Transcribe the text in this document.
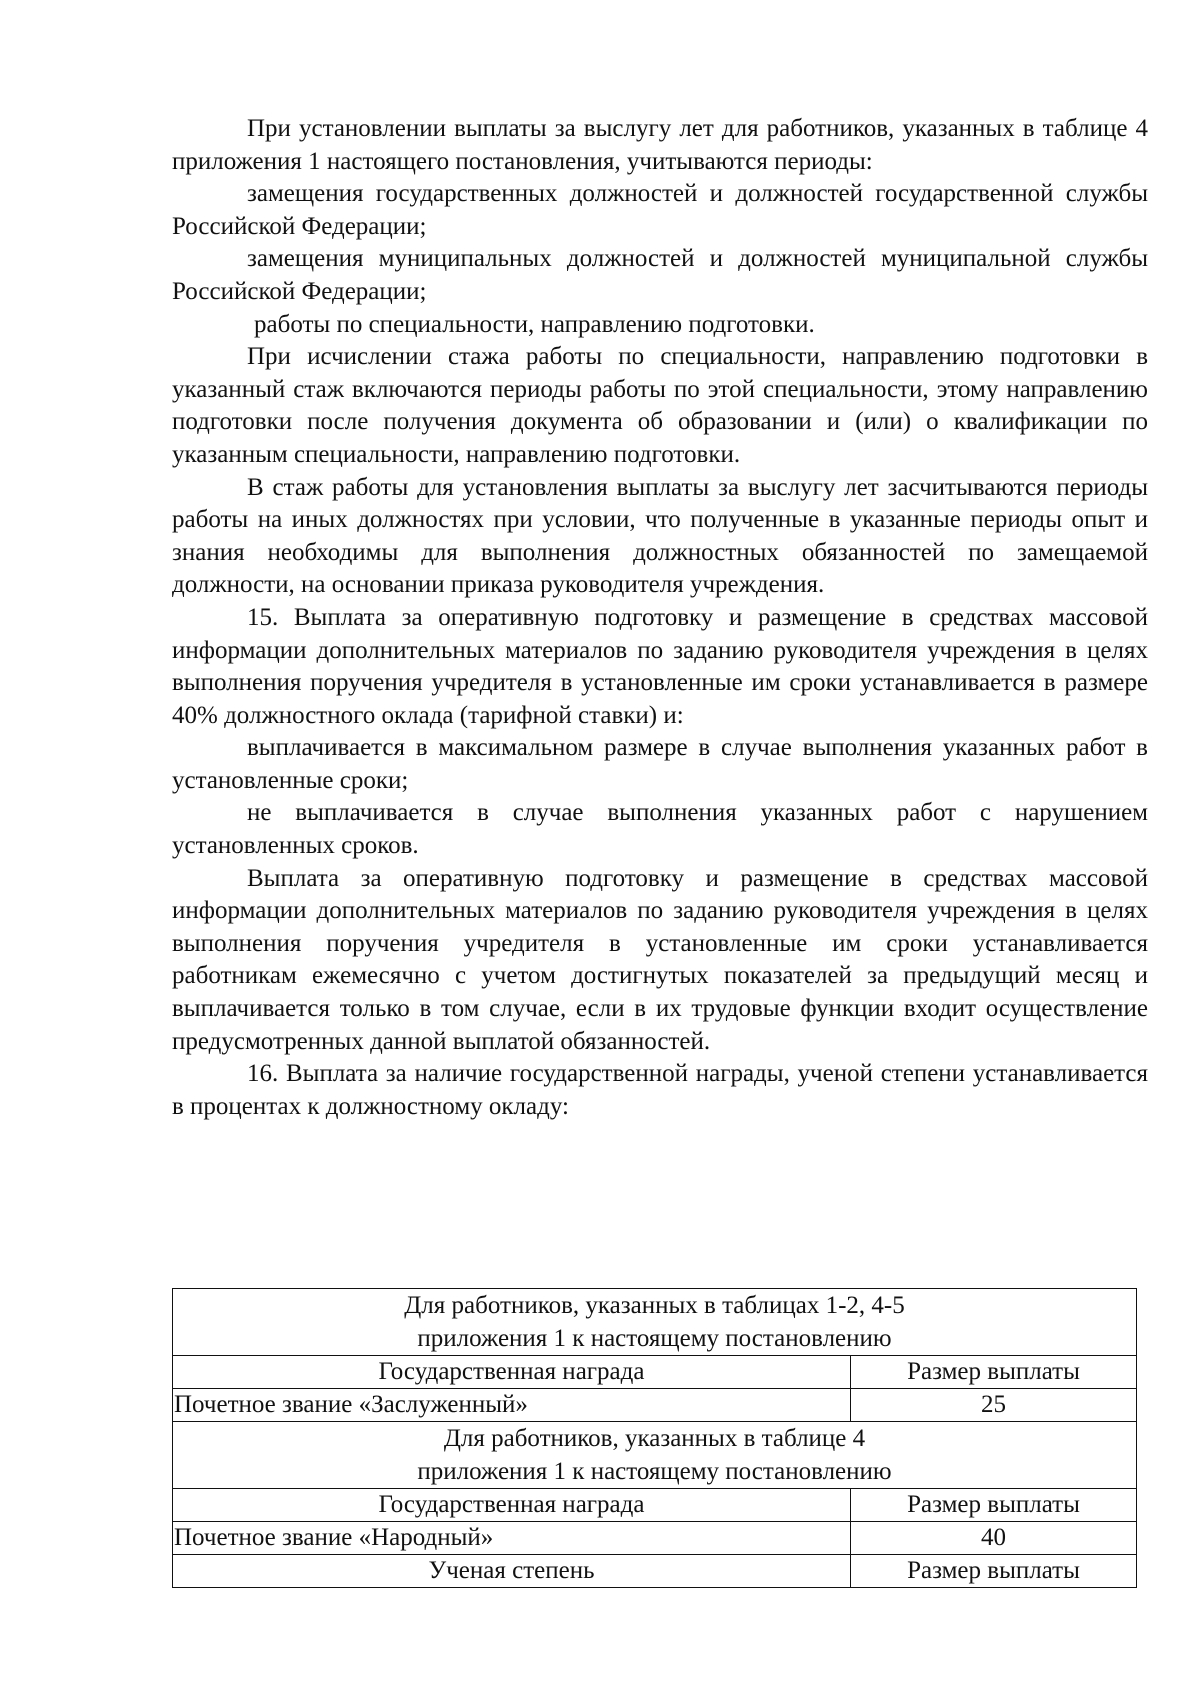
При установлении выплаты за выслугу лет для работников, указанных в таблице 4 приложения 1 настоящего постановления, учитываются периоды:

замещения государственных должностей и должностей государственной службы Российской Федерации;

замещения муниципальных должностей и должностей муниципальной службы Российской Федерации;

работы по специальности, направлению подготовки.

При исчислении стажа работы по специальности, направлению подготовки в указанный стаж включаются периоды работы по этой специальности, этому направлению подготовки после получения документа об образовании и (или) о квалификации по указанным специальности, направлению подготовки.

В стаж работы для установления выплаты за выслугу лет засчитываются периоды работы на иных должностях при условии, что полученные в указанные периоды опыт и знания необходимы для выполнения должностных обязанностей по замещаемой должности, на основании приказа руководителя учреждения.

15. Выплата за оперативную подготовку и размещение в средствах массовой информации дополнительных материалов по заданию руководителя учреждения в целях выполнения поручения учредителя в установленные им сроки устанавливается в размере 40% должностного оклада (тарифной ставки) и:

выплачивается в максимальном размере в случае выполнения указанных работ в установленные сроки;

не выплачивается в случае выполнения указанных работ с нарушением установленных сроков.

Выплата за оперативную подготовку и размещение в средствах массовой информации дополнительных материалов по заданию руководителя учреждения в целях выполнения поручения учредителя в установленные им сроки устанавливается работникам ежемесячно с учетом достигнутых показателей за предыдущий месяц и выплачивается только в том случае, если в их трудовые функции входит осуществление предусмотренных данной выплатой обязанностей.

16. Выплата за наличие государственной награды, ученой степени устанавливается в процентах к должностному окладу:

Для работников, указанных в таблицах 1-2, 4-5
приложения 1 к настоящему постановлению	

Государственная награда	Размер выплаты
Почетное звание «Заслуженный»	25

Для работников, указанных в таблице 4
приложения 1 к настоящему постановлению	

Государственная награда	Размер выплаты
Почетное звание «Народный»	40
Ученая степень	Размер выплаты
